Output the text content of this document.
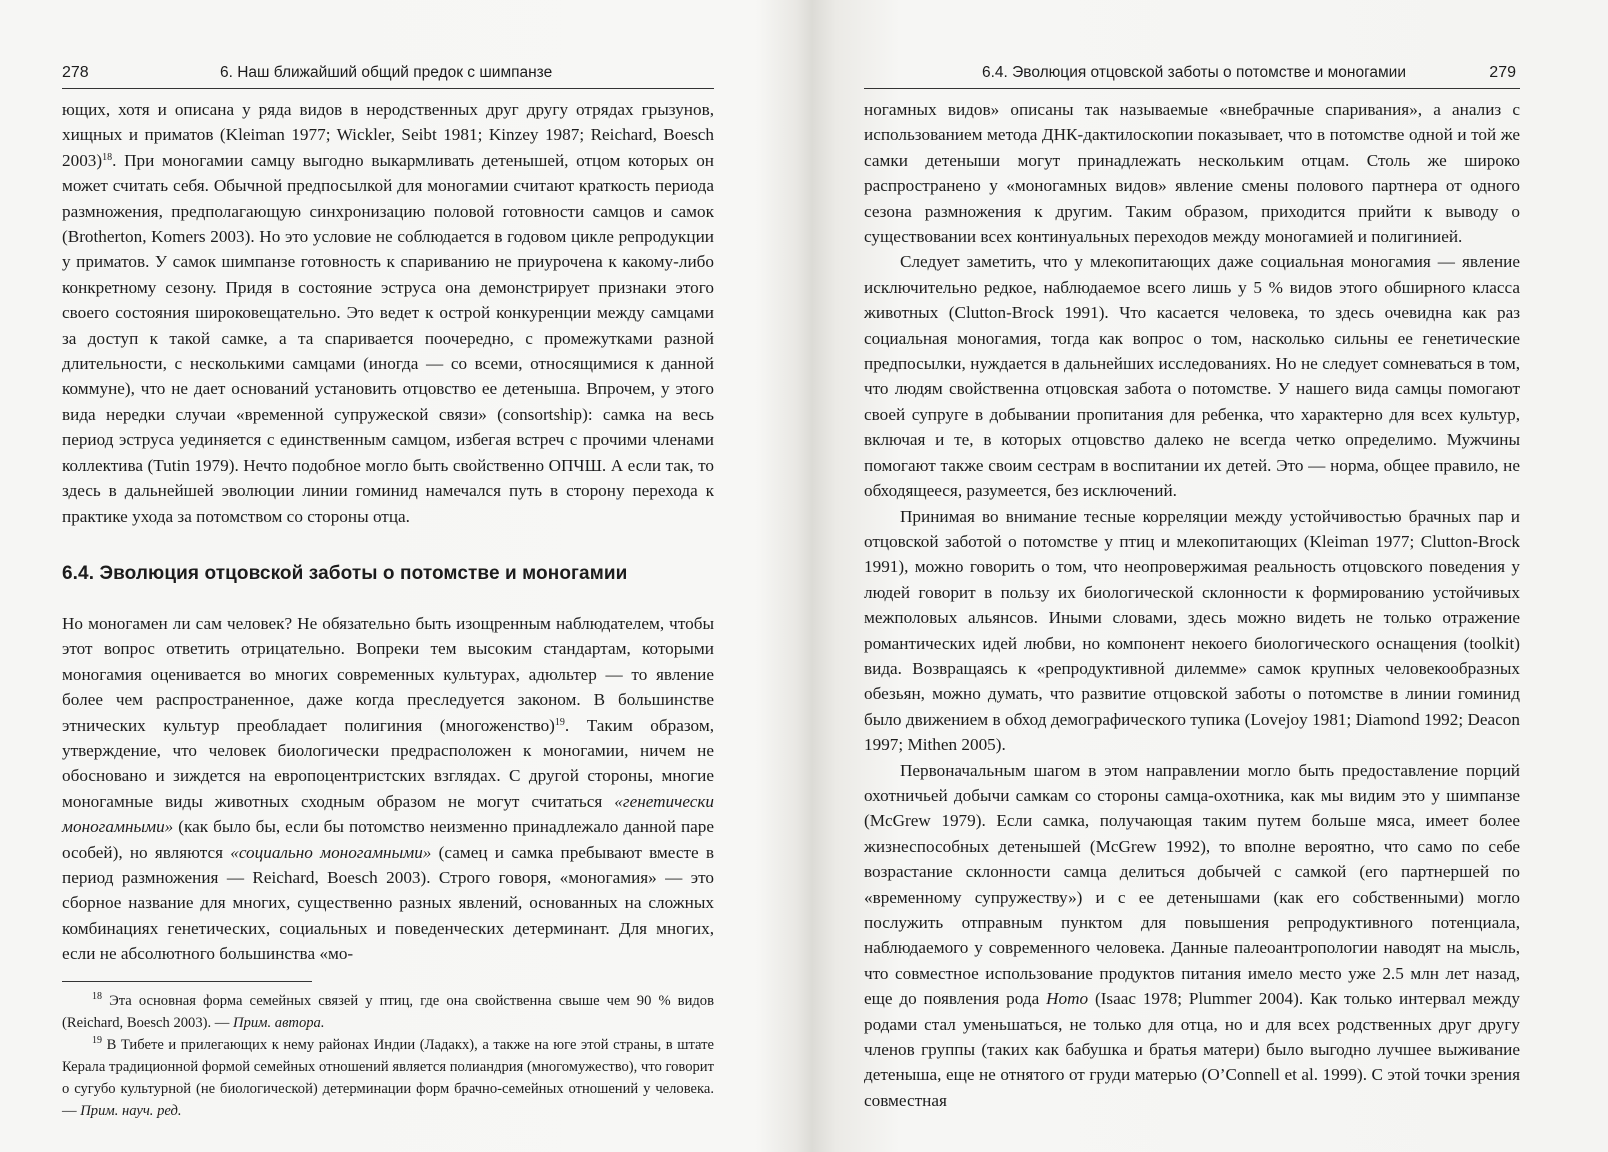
278	6. Наш ближайший общий предок с шимпанзе

ющих, хотя и описана у ряда видов в неродственных друг другу отрядах грызунов, хищных и приматов (Kleiman 1977; Wickler, Seibt 1981; Kinzey 1987; Reichard, Boesch 2003)$^{18}$. При моногамии самцу выгодно выкармливать детенышей, отцом которых он может считать себя. Обычной предпосылкой для моногамии считают краткость периода размножения, предполагающую синхронизацию половой готовности самцов и самок (Brotherton, Komers 2003). Но это условие не соблюдается в годовом цикле репродукции у приматов. У самок шимпанзе готовность к спариванию не приурочена к какому-либо конкретному сезону. Придя в состояние эструса она демонстрирует признаки этого своего состояния широковещательно. Это ведет к острой конкуренции между самцами за доступ к такой самке, а та спаривается поочередно, с промежутками разной длительности, с несколькими самцами (иногда — со всеми, относящимися к данной коммуне), что не дает оснований установить отцовство ее детеныша. Впрочем, у этого вида нередки случаи «временной супружеской связи» (consortship): самка на весь период эструса уединяется с единственным самцом, избегая встреч с прочими членами коллектива (Tutin 1979). Нечто подобное могло быть свойственно ОПЧШ. А если так, то здесь в дальнейшей эволюции линии гоминид намечался путь в сторону перехода к практике ухода за потомством со стороны отца.

6.4. Эволюция отцовской заботы о потомстве и моногамии

Но моногамен ли сам человек? Не обязательно быть изощренным наблюдателем, чтобы этот вопрос ответить отрицательно. Вопреки тем высоким стандартам, которыми моногамия оценивается во многих современных культурах, адюльтер — то явление более чем распространенное, даже когда преследуется законом. В большинстве этнических культур преобладает полигиния (многоженство)$^{19}$. Таким образом, утверждение, что человек биологически предрасположен к моногамии, ничем не обосновано и зиждется на европоцентристских взглядах. С другой стороны, многие моногамные виды животных сходным образом не могут считаться «генетически моногамными» (как было бы, если бы потомство неизменно принадлежало данной паре особей), но являются «социально моногамными» (самец и самка пребывают вместе в период размножения — Reichard, Boesch 2003). Строго говоря, «моногамия» — это сборное название для многих, существенно разных явлений, основанных на сложных комбинациях генетических, социальных и поведенческих детерминант. Для многих, если не абсолютного большинства «мо-

$^{18}$ Эта основная форма семейных связей у птиц, где она свойственна свыше чем 90 % видов (Reichard, Boesch 2003). — Прим. автора.

$^{19}$ В Тибете и прилегающих к нему районах Индии (Ладакх), а также на юге этой страны, в штате Керала традиционной формой семейных отношений является полиандрия (многомужество), что говорит о сугубо культурной (не биологической) детерминации форм брачно-семейных отношений у человека. — Прим. науч. ред.

6.4. Эволюция отцовской заботы о потомстве и моногамии	279

ногамных видов» описаны так называемые «внебрачные спаривания», а анализ с использованием метода ДНК-дактилоскопии показывает, что в потомстве одной и той же самки детеныши могут принадлежать нескольким отцам. Столь же широко распространено у «моногамных видов» явление смены полового партнера от одного сезона размножения к другим. Таким образом, приходится прийти к выводу о существовании всех континуальных переходов между моногамией и полигинией.

Следует заметить, что у млекопитающих даже социальная моногамия — явление исключительно редкое, наблюдаемое всего лишь у 5 % видов этого обширного класса животных (Clutton-Brock 1991). Что касается человека, то здесь очевидна как раз социальная моногамия, тогда как вопрос о том, насколько сильны ее генетические предпосылки, нуждается в дальнейших исследованиях. Но не следует сомневаться в том, что людям свойственна отцовская забота о потомстве. У нашего вида самцы помогают своей супруге в добывании пропитания для ребенка, что характерно для всех культур, включая и те, в которых отцовство далеко не всегда четко определимо. Мужчины помогают также своим сестрам в воспитании их детей. Это — норма, общее правило, не обходящееся, разумеется, без исключений.

Принимая во внимание тесные корреляции между устойчивостью брачных пар и отцовской заботой о потомстве у птиц и млекопитающих (Kleiman 1977; Clutton-Brock 1991), можно говорить о том, что неопровержимая реальность отцовского поведения у людей говорит в пользу их биологической склонности к формированию устойчивых межполовых альянсов. Иными словами, здесь можно видеть не только отражение романтических идей любви, но компонент некоего биологического оснащения (toolkit) вида. Возвращаясь к «репродуктивной дилемме» самок крупных человекообразных обезьян, можно думать, что развитие отцовской заботы о потомстве в линии гоминид было движением в обход демографического тупика (Lovejoy 1981; Diamond 1992; Deacon 1997; Mithen 2005).

Первоначальным шагом в этом направлении могло быть предоставление порций охотничьей добычи самкам со стороны самца-охотника, как мы видим это у шимпанзе (McGrew 1979). Если самка, получающая таким путем больше мяса, имеет более жизнеспособных детенышей (McGrew 1992), то вполне вероятно, что само по себе возрастание склонности самца делиться добычей с самкой (его партнершей по «временному супружеству») и с ее детенышами (как его собственными) могло послужить отправным пунктом для повышения репродуктивного потенциала, наблюдаемого у современного человека. Данные палеоантропологии наводят на мысль, что совместное использование продуктов питания имело место уже 2.5 млн лет назад, еще до появления рода Homo (Isaac 1978; Plummer 2004). Как только интервал между родами стал уменьшаться, не только для отца, но и для всех родственных друг другу членов группы (таких как бабушка и братья матери) было выгодно лучшее выживание детеныша, еще не отнятого от груди матерью (O’Connell et al. 1999). С этой точки зрения совместная
